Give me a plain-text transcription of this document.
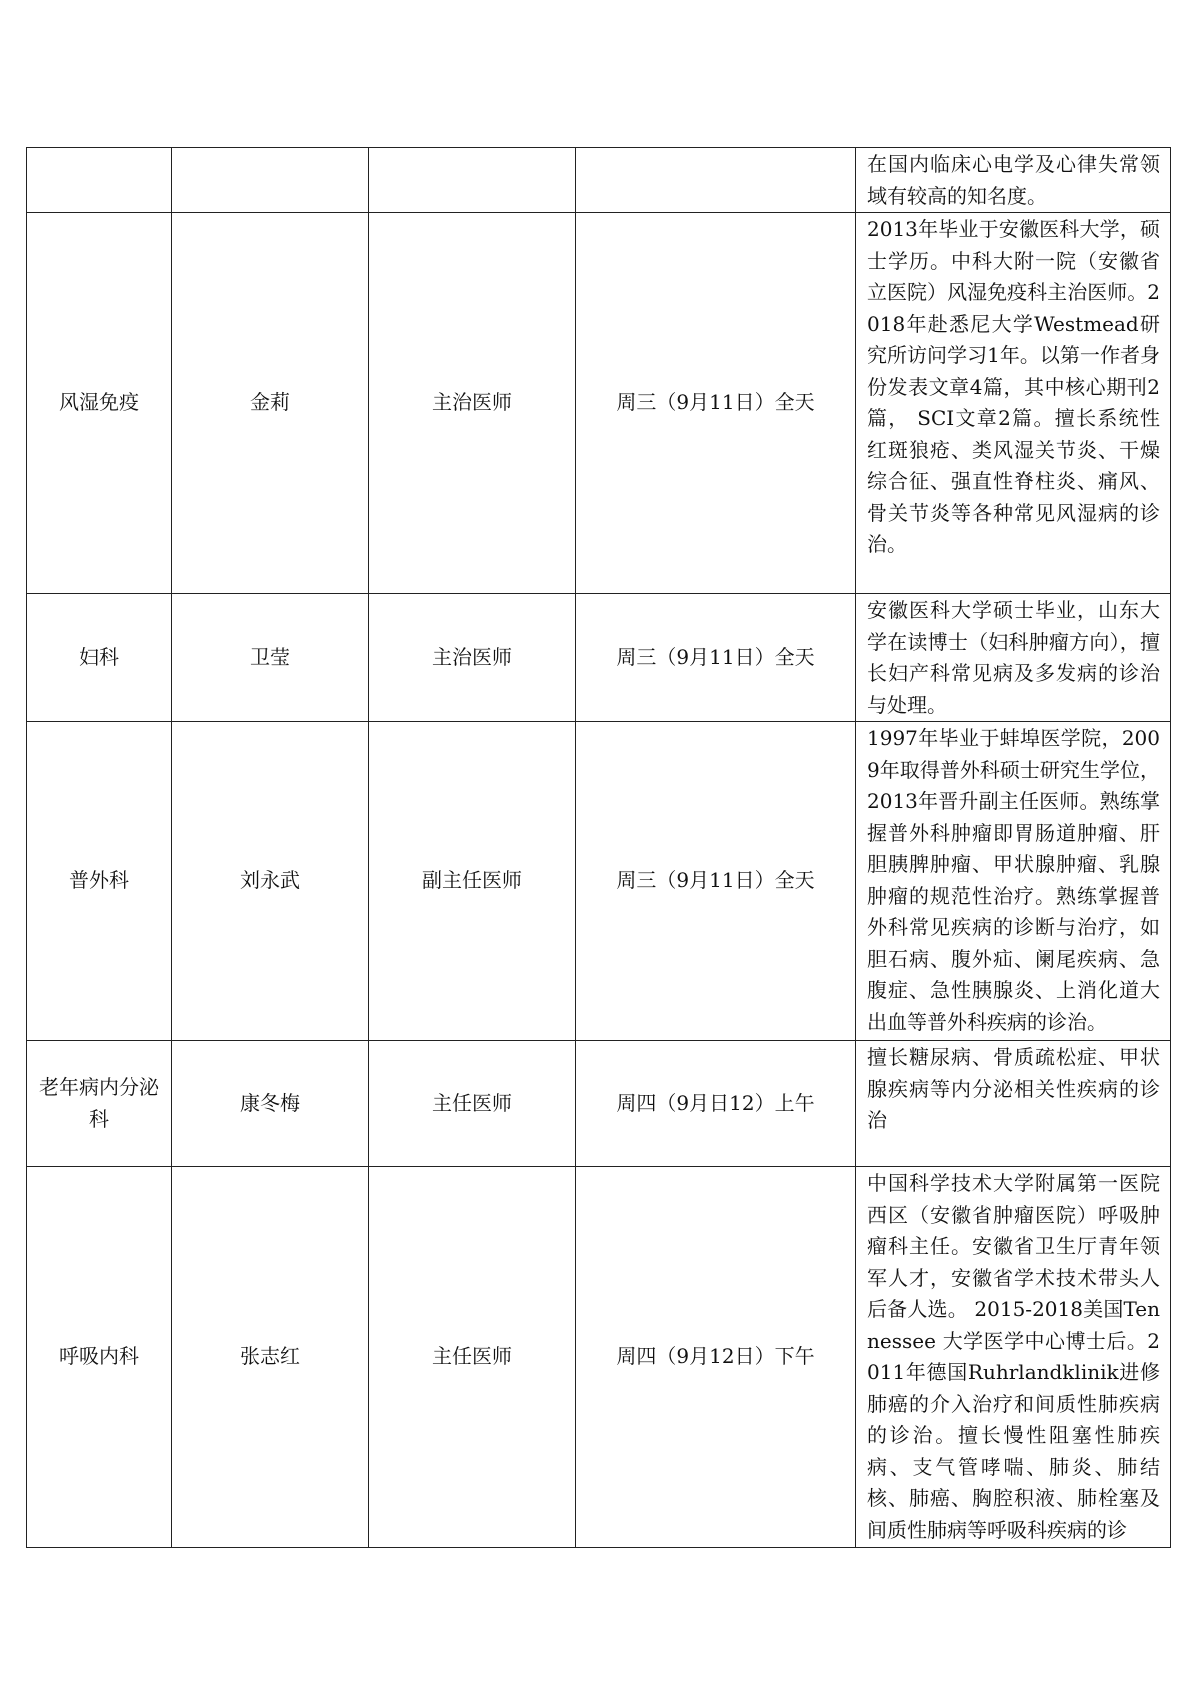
				在国内临床心电学及心律失常领域有较高的知名度。

风湿免疫	金莉	主治医师	周三（9月11日）全天	2013年毕业于安徽医科大学，硕士学历。中科大附一院（安徽省立医院）风湿免疫科主治医师。2018年赴悉尼大学Westmead研究所访问学习1年。以第一作者身份发表文章4篇，其中核心期刊2篇， SCI文章2篇。擅长系统性红斑狼疮、类风湿关节炎、干燥综合征、强直性脊柱炎、痛风、骨关节炎等各种常见风湿病的诊治。

妇科	卫莹	主治医师	周三（9月11日）全天	安徽医科大学硕士毕业，山东大学在读博士（妇科肿瘤方向），擅长妇产科常见病及多发病的诊治与处理。

普外科	刘永武	副主任医师	周三（9月11日）全天	1997年毕业于蚌埠医学院，2009年取得普外科硕士研究生学位，2013年晋升副主任医师。熟练掌握普外科肿瘤即胃肠道肿瘤、肝胆胰脾肿瘤、甲状腺肿瘤、乳腺肿瘤的规范性治疗。熟练掌握普外科常见疾病的诊断与治疗，如胆石病、腹外疝、阑尾疾病、急腹症、急性胰腺炎、上消化道大出血等普外科疾病的诊治。

老年病内分泌科	康冬梅	主任医师	周四（9月日12）上午	擅长糖尿病、骨质疏松症、甲状腺疾病等内分泌相关性疾病的诊治

呼吸内科	张志红	主任医师	周四（9月12日）下午	中国科学技术大学附属第一医院西区（安徽省肿瘤医院）呼吸肿瘤科主任。安徽省卫生厅青年领军人才，安徽省学术技术带头人后备人选。 2015-2018美国Tennessee 大学医学中心博士后。2011年德国Ruhrlandklinik进修肺癌的介入治疗和间质性肺疾病的诊治。擅长慢性阻塞性肺疾病、支气管哮喘、肺炎、肺结核、肺癌、胸腔积液、肺栓塞及间质性肺病等呼吸科疾病的诊
